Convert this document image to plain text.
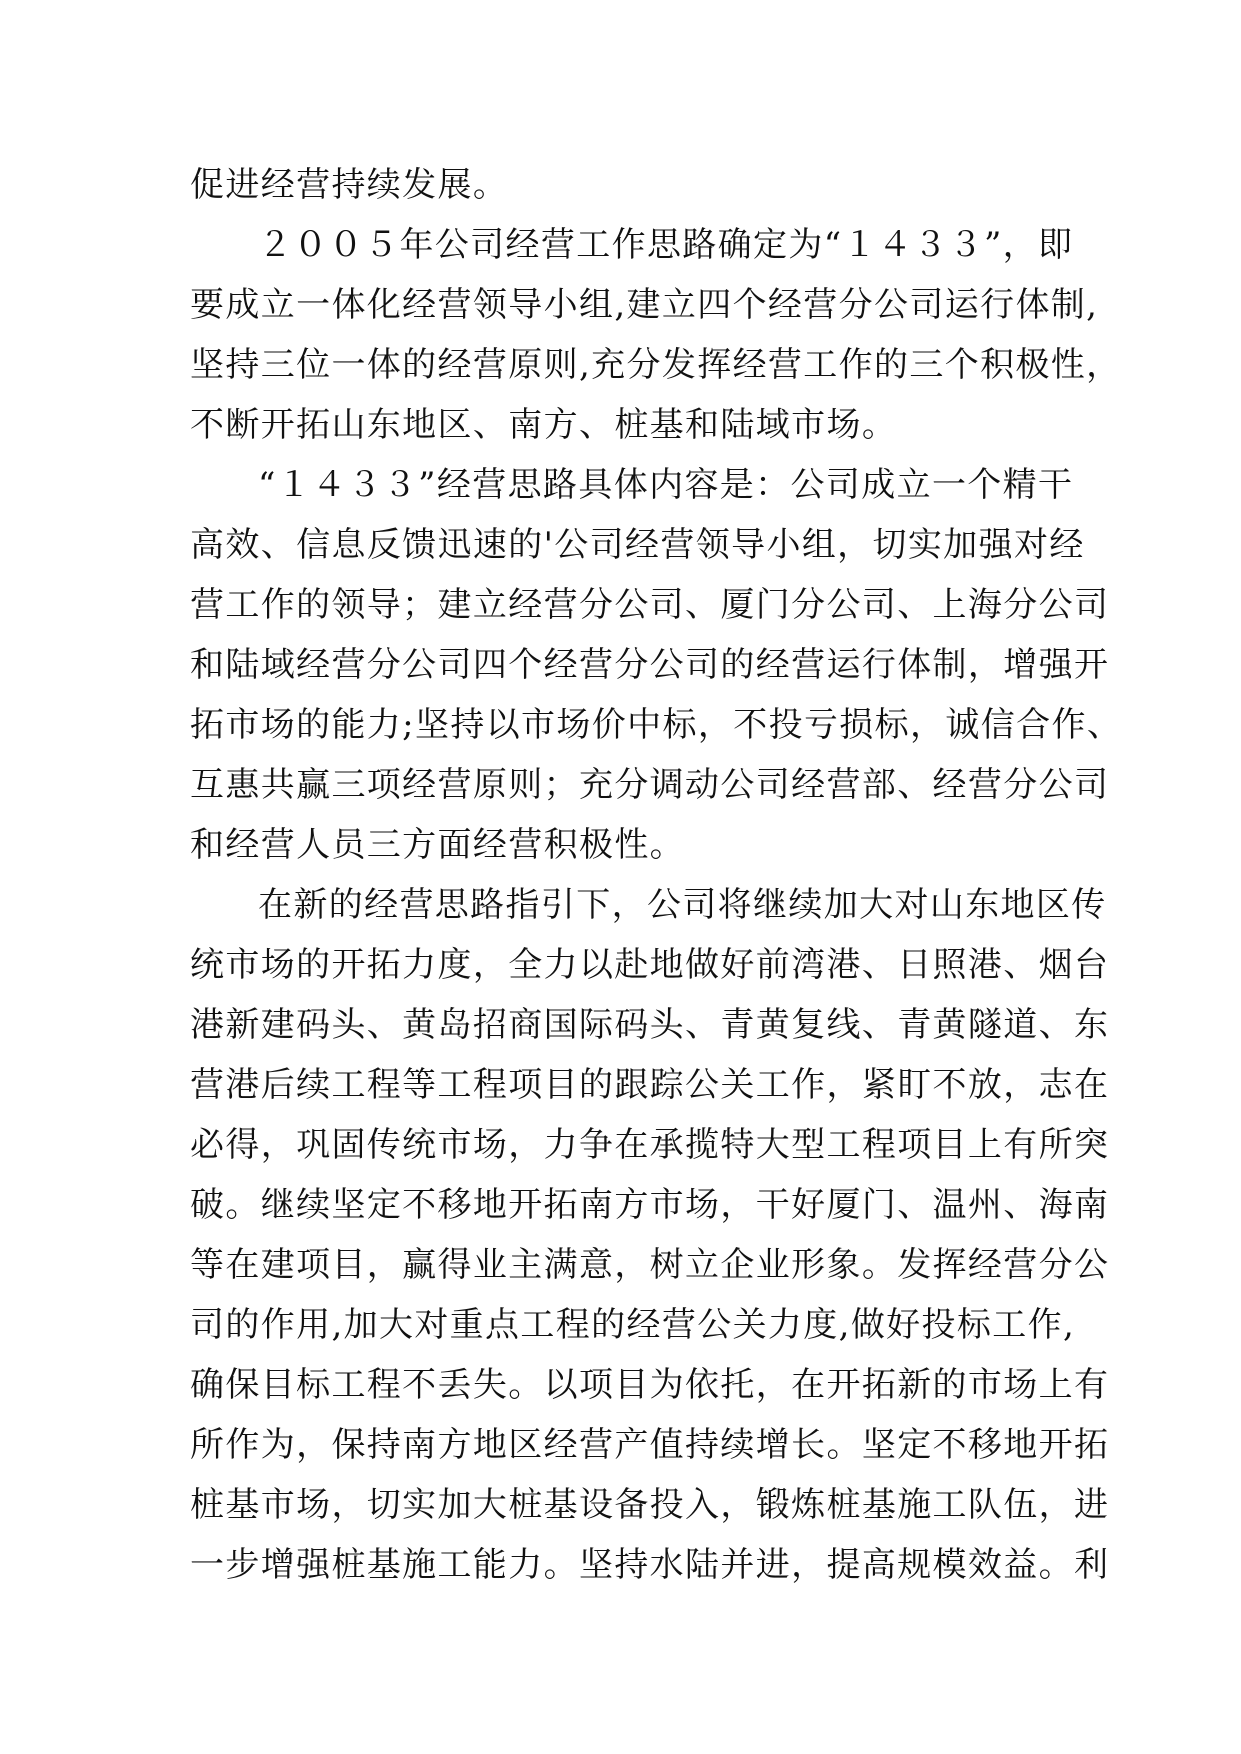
促进经营持续发展。
２００５年公司经营工作思路确定为“１４３３”，即
要成立一体化经营领导小组,建立四个经营分公司运行体制,
坚持三位一体的经营原则,充分发挥经营工作的三个积极性，
不断开拓山东地区、南方、桩基和陆域市场。
“１４３３”经营思路具体内容是：公司成立一个精干
高效、信息反馈迅速的'公司经营领导小组，切实加强对经
营工作的领导；建立经营分公司、厦门分公司、上海分公司
和陆域经营分公司四个经营分公司的经营运行体制，增强开
拓市场的能力;坚持以市场价中标，不投亏损标，诚信合作、
互惠共赢三项经营原则；充分调动公司经营部、经营分公司
和经营人员三方面经营积极性。
在新的经营思路指引下，公司将继续加大对山东地区传
统市场的开拓力度，全力以赴地做好前湾港、日照港、烟台
港新建码头、黄岛招商国际码头、青黄复线、青黄隧道、东
营港后续工程等工程项目的跟踪公关工作，紧盯不放，志在
必得，巩固传统市场，力争在承揽特大型工程项目上有所突
破。继续坚定不移地开拓南方市场，干好厦门、温州、海南
等在建项目，赢得业主满意，树立企业形象。发挥经营分公
司的作用,加大对重点工程的经营公关力度,做好投标工作,
确保目标工程不丢失。以项目为依托，在开拓新的市场上有
所作为，保持南方地区经营产值持续增长。坚定不移地开拓
桩基市场，切实加大桩基设备投入，锻炼桩基施工队伍，进
一步增强桩基施工能力。坚持水陆并进，提高规模效益。利
